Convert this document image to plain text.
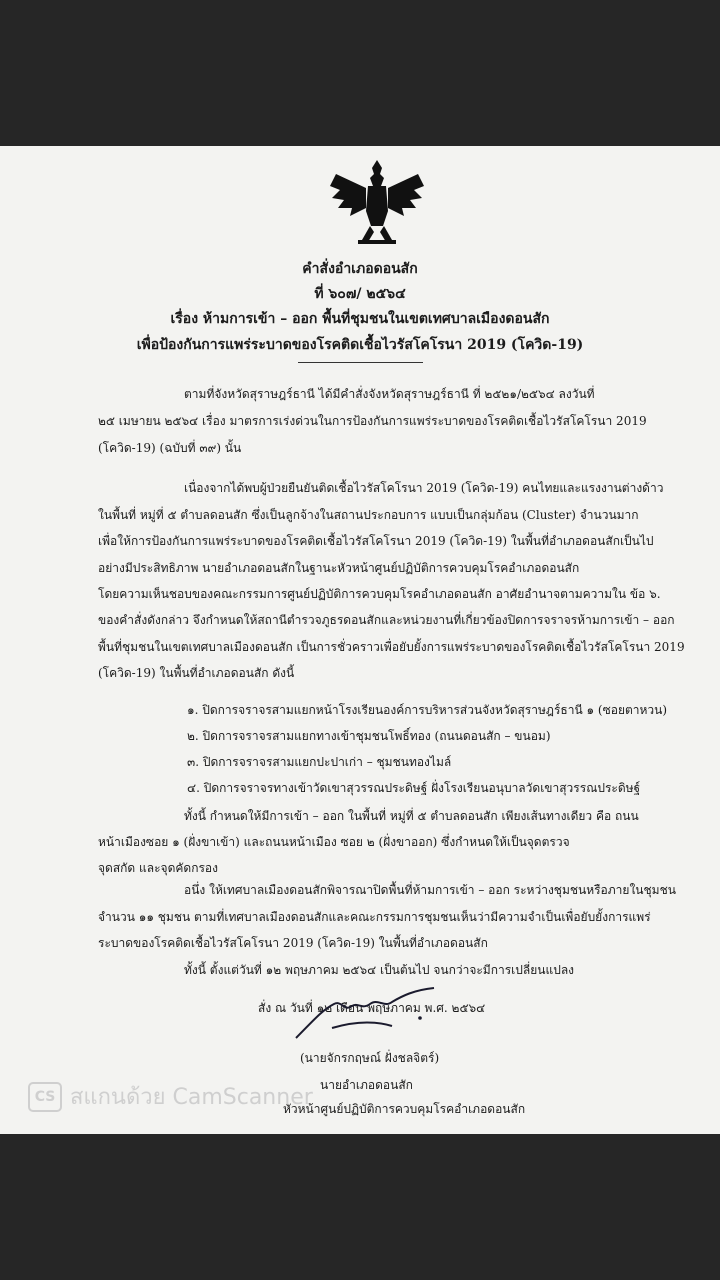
คำสั่งอำเภอดอนสัก
ที่ ๖๐๗/ ๒๕๖๔
เรื่อง ห้ามการเข้า – ออก พื้นที่ชุมชนในเขตเทศบาลเมืองดอนสัก
เพื่อป้องกันการแพร่ระบาดของโรคติดเชื้อไวรัสโคโรนา 2019 (โควิด-19)
ตามที่จังหวัดสุราษฎร์ธานี ได้มีคำสั่งจังหวัดสุราษฎร์ธานี ที่ ๒๕๒๑/๒๕๖๔ ลงวันที่
๒๕ เมษายน ๒๕๖๔ เรื่อง มาตรการเร่งด่วนในการป้องกันการแพร่ระบาดของโรคติดเชื้อไวรัสโคโรนา 2019
(โควิด-19) (ฉบับที่ ๓๙) นั้น
เนื่องจากได้พบผู้ป่วยยืนยันติดเชื้อไวรัสโคโรนา 2019 (โควิด-19) คนไทยและแรงงานต่างด้าว
ในพื้นที่ หมู่ที่ ๕ ตำบลดอนสัก ซึ่งเป็นลูกจ้างในสถานประกอบการ แบบเป็นกลุ่มก้อน (Cluster) จำนวนมาก
เพื่อให้การป้องกันการแพร่ระบาดของโรคติดเชื้อไวรัสโคโรนา 2019 (โควิด-19) ในพื้นที่อำเภอดอนสักเป็นไป
อย่างมีประสิทธิภาพ นายอำเภอดอนสักในฐานะหัวหน้าศูนย์ปฏิบัติการควบคุมโรคอำเภอดอนสัก
โดยความเห็นชอบของคณะกรรมการศูนย์ปฏิบัติการควบคุมโรคอำเภอดอนสัก อาศัยอำนาจตามความใน ข้อ ๖.
ของคำสั่งดังกล่าว จึงกำหนดให้สถานีตำรวจภูธรดอนสักและหน่วยงานที่เกี่ยวข้องปิดการจราจรห้ามการเข้า – ออก
พื้นที่ชุมชนในเขตเทศบาลเมืองดอนสัก เป็นการชั่วคราวเพื่อยับยั้งการแพร่ระบาดของโรคติดเชื้อไวรัสโคโรนา 2019
(โควิด-19) ในพื้นที่อำเภอดอนสัก ดังนี้
๑. ปิดการจราจรสามแยกหน้าโรงเรียนองค์การบริหารส่วนจังหวัดสุราษฎร์ธานี ๑ (ซอยตาหวน)
๒. ปิดการจราจรสามแยกทางเข้าชุมชนโพธิ์ทอง (ถนนดอนสัก – ขนอม)
๓. ปิดการจราจรสามแยกปะปาเก่า – ชุมชนทองไมล์
๔. ปิดการจราจรทางเข้าวัดเขาสุวรรณประดิษฐ์ ฝั่งโรงเรียนอนุบาลวัดเขาสุวรรณประดิษฐ์
ทั้งนี้ กำหนดให้มีการเข้า – ออก ในพื้นที่ หมู่ที่ ๕ ตำบลดอนสัก เพียงเส้นทางเดียว คือ ถนน
หน้าเมืองซอย ๑ (ฝั่งขาเข้า) และถนนหน้าเมือง ซอย ๒ (ฝั่งขาออก) ซึ่งกำหนดให้เป็นจุดตรวจ
จุดสกัด และจุดคัดกรอง
อนึ่ง ให้เทศบาลเมืองดอนสักพิจารณาปิดพื้นที่ห้ามการเข้า – ออก ระหว่างชุมชนหรือภายในชุมชน
จำนวน ๑๑ ชุมชน ตามที่เทศบาลเมืองดอนสักและคณะกรรมการชุมชนเห็นว่ามีความจำเป็นเพื่อยับยั้งการแพร่
ระบาดของโรคติดเชื้อไวรัสโคโรนา 2019 (โควิด-19) ในพื้นที่อำเภอดอนสัก
ทั้งนี้ ตั้งแต่วันที่ ๑๒ พฤษภาคม ๒๕๖๔ เป็นต้นไป จนกว่าจะมีการเปลี่ยนแปลง
สั่ง ณ วันที่ ๑๒ เดือน พฤษภาคม พ.ศ. ๒๕๖๔
(นายจักรกฤษณ์ ฝั่งชลจิตร์)
นายอำเภอดอนสัก
หัวหน้าศูนย์ปฏิบัติการควบคุมโรคอำเภอดอนสัก
CS สแกนด้วย CamScanner
